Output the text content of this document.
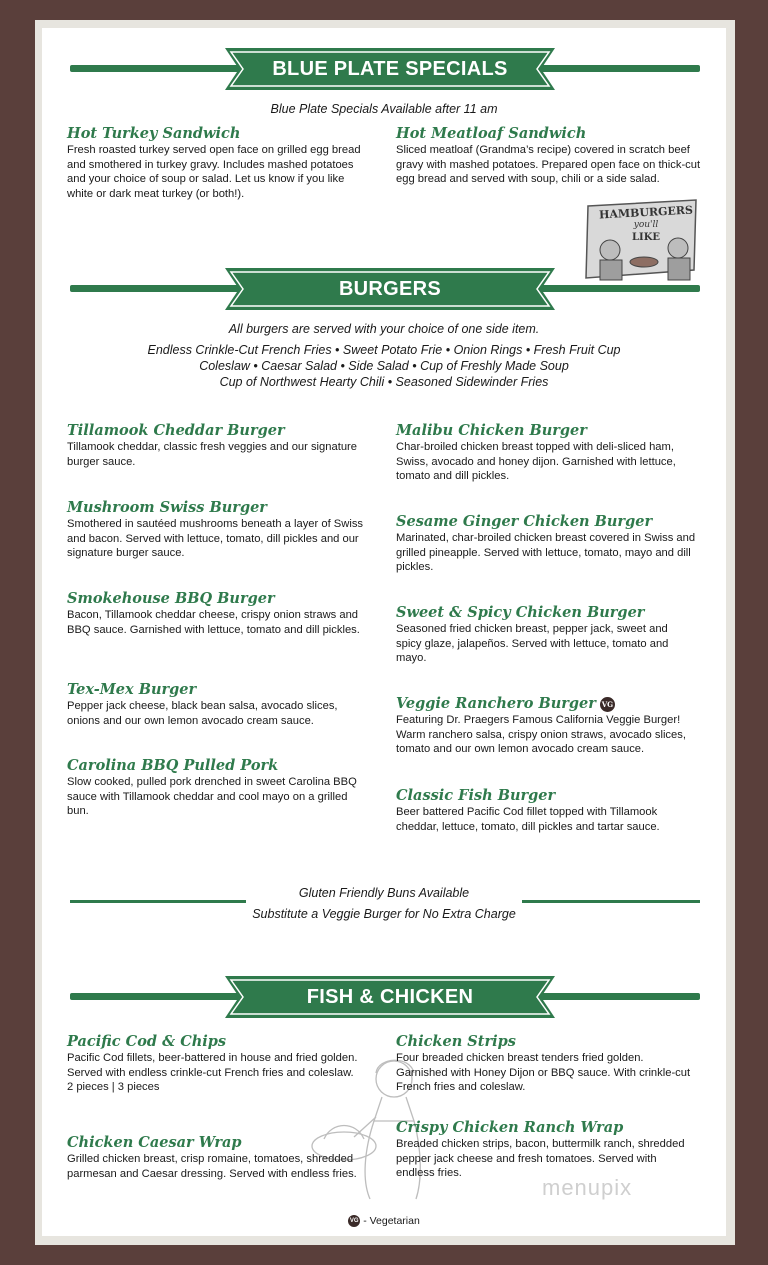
BLUE PLATE SPECIALS
Blue Plate Specials Available after 11 am
Hot Turkey Sandwich
Fresh roasted turkey served open face on grilled egg bread and smothered in turkey gravy. Includes mashed potatoes and your choice of soup or salad. Let us know if you like white or dark meat turkey (or both!).
Hot Meatloaf Sandwich
Sliced meatloaf (Grandma’s recipe) covered in scratch beef gravy with mashed potatoes. Prepared open face on thick-cut egg bread and served with soup, chili or a side salad.
HAMBURGERS
you'll
LIKE
BURGERS
All burgers are served with your choice of one side item.
Endless Crinkle-Cut French Fries • Sweet Potato Frie • Onion Rings • Fresh Fruit Cup
Coleslaw • Caesar Salad • Side Salad • Cup of Freshly Made Soup
Cup of Northwest Hearty Chili • Seasoned Sidewinder Fries
Tillamook Cheddar Burger
Tillamook cheddar, classic fresh veggies and our signature burger sauce.
Mushroom Swiss Burger
Smothered in sautéed mushrooms beneath a layer of Swiss and bacon. Served with lettuce, tomato, dill pickles and our signature burger sauce.
Smokehouse BBQ Burger
Bacon, Tillamook cheddar cheese, crispy onion straws and BBQ sauce. Garnished with lettuce, tomato and dill pickles.
Tex-Mex Burger
Pepper jack cheese, black bean salsa, avocado slices, onions and our own lemon avocado cream sauce.
Carolina BBQ Pulled Pork
Slow cooked, pulled pork drenched in sweet Carolina BBQ sauce with Tillamook cheddar and cool mayo on a grilled bun.
Malibu Chicken Burger
Char-broiled chicken breast topped with deli-sliced ham, Swiss, avocado and honey dijon. Garnished with lettuce, tomato and dill pickles.
Sesame Ginger Chicken Burger
Marinated, char-broiled chicken breast covered in Swiss and grilled pineapple. Served with lettuce, tomato, mayo and dill pickles.
Sweet & Spicy Chicken Burger
Seasoned fried chicken breast, pepper jack, sweet and spicy glaze, jalapeños. Served with lettuce, tomato and mayo.
Veggie Ranchero Burger VG
Featuring Dr. Praegers Famous California Veggie Burger! Warm ranchero salsa, crispy onion straws, avocado slices, tomato and our own lemon avocado cream sauce.
Classic Fish Burger
Beer battered Pacific Cod fillet topped with Tillamook cheddar, lettuce, tomato, dill pickles and tartar sauce.
Gluten Friendly Buns Available
Substitute a Veggie Burger for No Extra Charge
FISH & CHICKEN
Pacific Cod & Chips
Pacific Cod fillets, beer-battered in house and fried golden. Served with endless crinkle-cut French fries and coleslaw.
2 pieces | 3 pieces
Chicken Caesar Wrap
Grilled chicken breast, crisp romaine, tomatoes, shredded parmesan and Caesar dressing. Served with endless fries.
Chicken Strips
Four breaded chicken breast tenders fried golden. Garnished with Honey Dijon or BBQ sauce. With crinkle-cut French fries and coleslaw.
Crispy Chicken Ranch Wrap
Breaded chicken strips, bacon, buttermilk ranch, shredded pepper jack cheese and fresh tomatoes. Served with endless fries.
menupix
VG - Vegetarian
